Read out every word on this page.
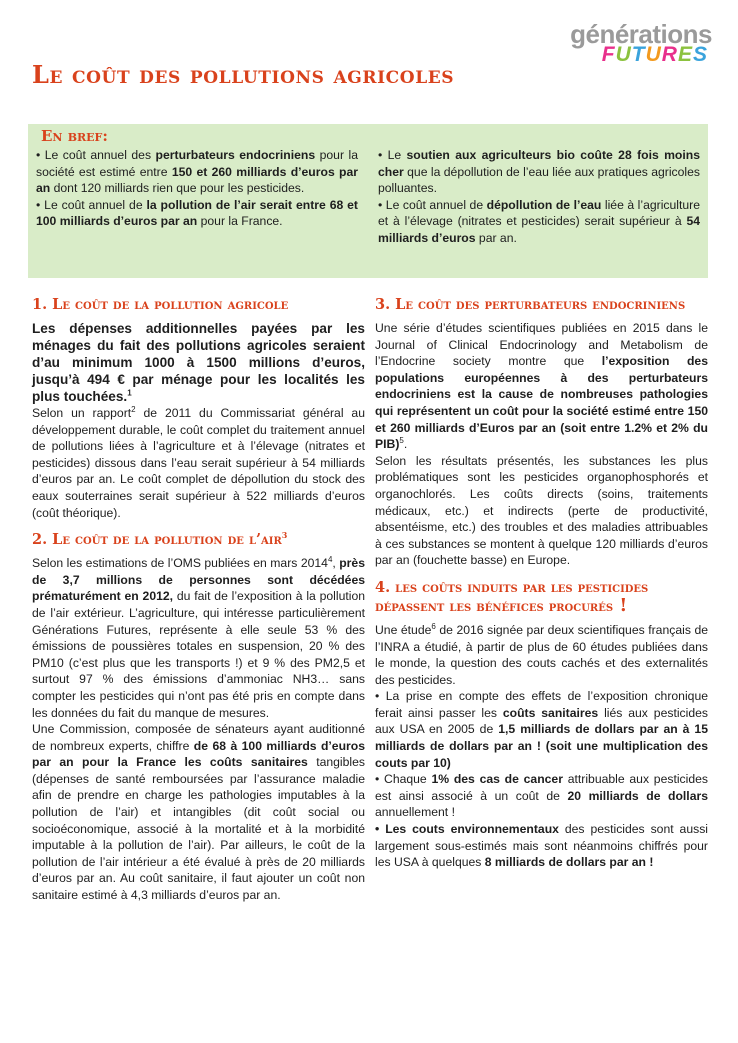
générations
FUTURES
Le coût des pollutions agricoles
En bref:

• Le coût annuel des perturbateurs endocriniens pour la société est estimé entre 150 et 260 milliards d’euros par an dont 120 milliards rien que pour les pesticides.

• Le coût annuel de la pollution de l’air serait entre 68 et 100 milliards d’euros par an pour la France.

• Le soutien aux agriculteurs bio coûte 28 fois moins cher que la dépollution de l’eau liée aux pratiques agricoles polluantes.

• Le coût annuel de dépollution de l’eau liée à l’agriculture et à l’élevage (nitrates et pesticides) serait supérieur à 54 milliards d’euros par an.

1. Le coût de la pollution agricole

Les dépenses additionnelles payées par les ménages du fait des pollutions agricoles seraient d’au minimum 1000 à 1500 millions d’euros, jusqu’à 494 € par ménage pour les localités les plus touchées.$^1$

Selon un rapport$^2$ de 2011 du Commissariat général au développement durable, le coût complet du traitement annuel de pollutions liées à l’agriculture et à l’élevage (nitrates et pesticides) dissous dans l’eau serait supérieur à 54 milliards d’euros par an. Le coût complet de dépollution du stock des eaux souterraines serait supérieur à 522 milliards d’euros (coût théorique).

2. Le coût de la pollution de l’air$^3$

Selon les estimations de l’OMS publiées en mars 2014$^4$, près de 3,7 millions de personnes sont décédées prématurément en 2012, du fait de l’exposition à la pollution de l’air extérieur. L’agriculture, qui intéresse particulièrement Générations Futures, représente à elle seule 53 % des émissions de poussières totales en suspension, 20 % des PM10 (c’est plus que les transports !) et 9 % des PM2,5 et surtout 97 % des émissions d’ammoniac NH3… sans compter les pesticides qui n’ont pas été pris en compte dans les données du fait du manque de mesures.

Une Commission, composée de sénateurs ayant auditionné de nombreux experts, chiffre de 68 à 100 milliards d’euros par an pour la France les coûts sanitaires tangibles (dépenses de santé remboursées par l’assurance maladie afin de prendre en charge les pathologies imputables à la pollution de l’air) et intangibles (dit coût social ou socioéconomique, associé à la mortalité et à la morbidité imputable à la pollution de l’air). Par ailleurs, le coût de la pollution de l’air intérieur a été évalué à près de 20 milliards d’euros par an. Au coût sanitaire, il faut ajouter un coût non sanitaire estimé à 4,3 milliards d’euros par an.

3. Le coût des perturbateurs endocriniens

Une série d’études scientifiques publiées en 2015 dans le Journal of Clinical Endocrinology and Metabolism de l’Endocrine society montre que l’exposition des populations européennes à des perturbateurs endocriniens est la cause de nombreuses pathologies qui représentent un coût pour la société estimé entre 150 et 260 milliards d’Euros par an (soit entre 1.2% et 2% du PIB)$^5$.

Selon les résultats présentés, les substances les plus problématiques sont les pesticides organophosphorés et organochlorés. Les coûts directs (soins, traitements médicaux, etc.) et indirects (perte de productivité, absentéisme, etc.) des troubles et des maladies attribuables à ces substances se montent à quelque 120 milliards d’euros par an (fouchette basse) en Europe.

4. les coûts induits par les pesticides dépassent les bénéfices procurés !

Une étude$^6$ de 2016 signée par deux scientifiques français de l’INRA a étudié, à partir de plus de 60 études publiées dans le monde, la question des couts cachés et des externalités des pesticides.

• La prise en compte des effets de l’exposition chronique ferait ainsi passer les coûts sanitaires liés aux pesticides aux USA en 2005 de 1,5 milliards de dollars par an à 15 milliards de dollars par an ! (soit une multiplication des couts par 10)

• Chaque 1% des cas de cancer attribuable aux pesticides est ainsi associé à un coût de 20 milliards de dollars annuellement !

• Les couts environnementaux des pesticides sont aussi largement sous-estimés mais sont néanmoins chiffrés pour les USA à quelques 8 milliards de dollars par an !
